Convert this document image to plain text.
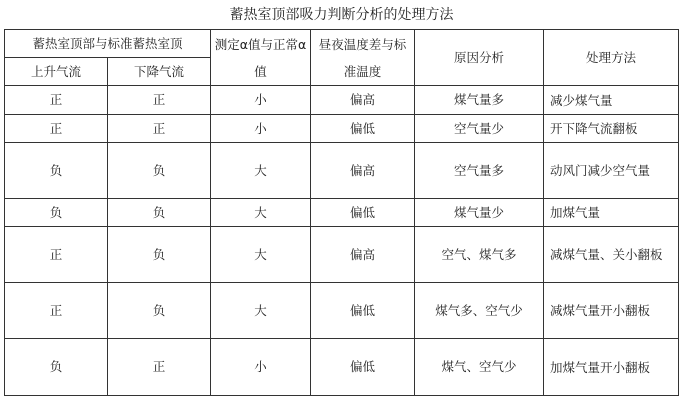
蓄热室顶部吸力判断分析的处理方法
蓄热室顶部与标准蓄热室顶		测定α值与正常α值	昼夜温度差与标准温度	原因分析	处理方法
上升气流	下降气流				
正	正	小	偏高	煤气量多	减少煤气量
正	正	小	偏低	空气量少	开下降气流翻板
负	负	大	偏高	空气量多	动风门减少空气量
负	负	大	偏低	煤气量少	加煤气量
正	负	大	偏高	空气、煤气多	减煤气量、关小翻板
正	负	大	偏低	煤气多、空气少	减煤气量开小翻板
负	正	小	偏低	煤气、空气少	加煤气量开小翻板
